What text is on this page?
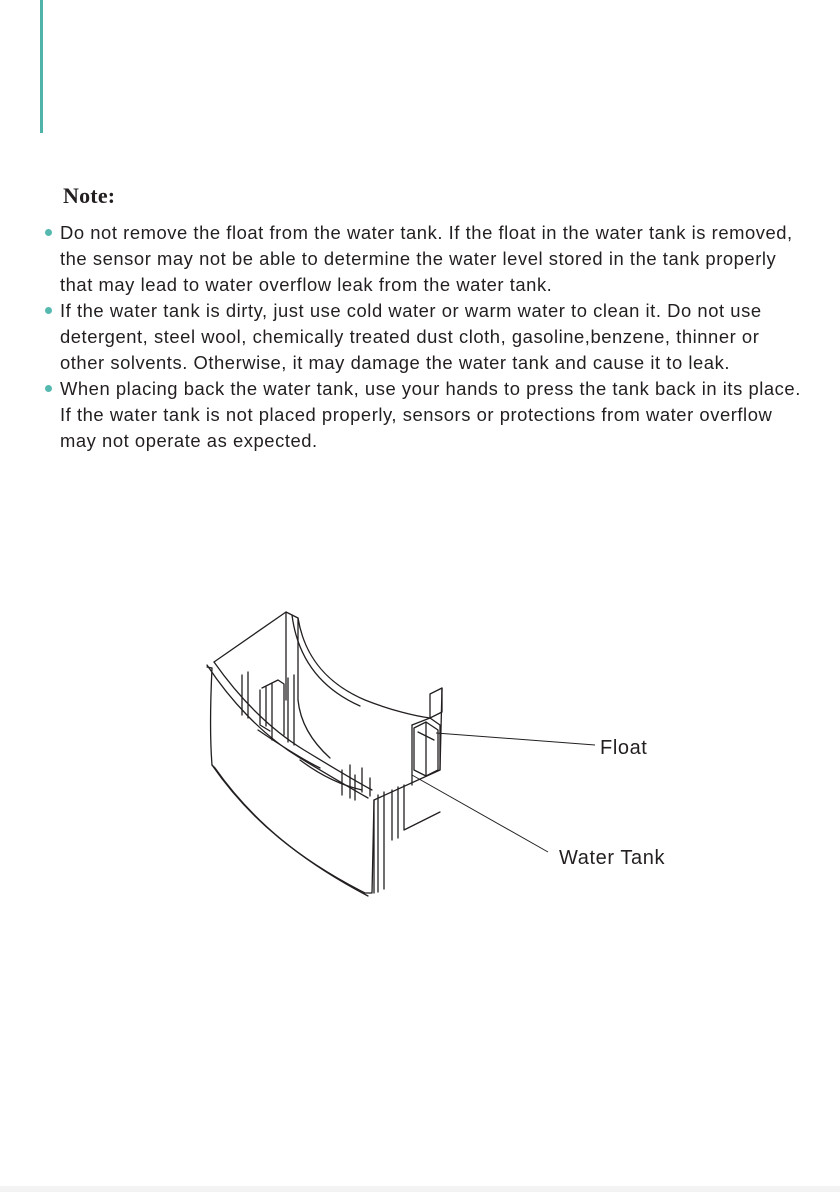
Note:
Do not remove the float from the water tank. If the float in the water tank is removed, the sensor may not be able to determine the water level stored in the tank properly that may lead to water overflow leak from the water tank.
If the water tank is dirty, just use cold water or warm water to clean it. Do not use detergent, steel wool, chemically treated dust cloth, gasoline,benzene, thinner or other solvents. Otherwise, it may damage the water tank and cause it to leak.
When placing back the water tank, use your hands to press the tank back in its place. If the water tank is not placed properly, sensors or protections from water overflow may not operate as expected.
Float
Water Tank
